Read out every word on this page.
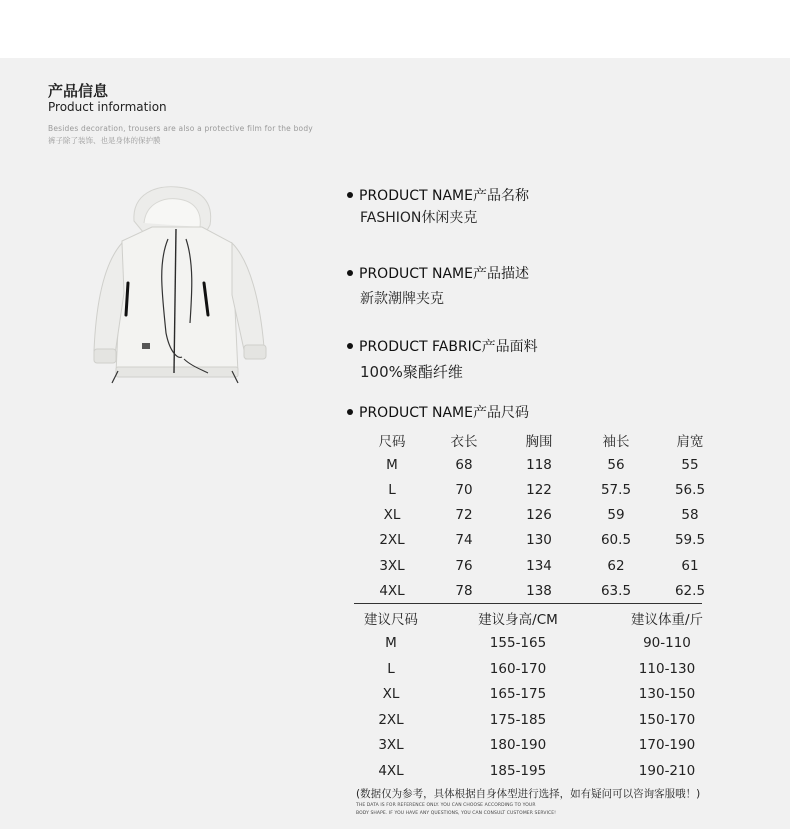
产品信息
Product information
Besides decoration, trousers are also a protective film for the body
裤子除了装饰、也是身体的保护膜
PRODUCT NAME产品名称
FASHION休闲夹克
PRODUCT NAME产品描述
新款潮牌夹克
PRODUCT FABRIC产品面料
100%聚酯纤维
PRODUCT NAME产品尺码
尺码	衣长	胸围	袖长	肩宽
M	68	118	56	55
L	70	122	57.5	56.5
XL	72	126	59	58
2XL	74	130	60.5	59.5
3XL	76	134	62	61
4XL	78	138	63.5	62.5
建议尺码	建议身高/CM	建议体重/斤
M	155-165	90-110
L	160-170	110-130
XL	165-175	130-150
2XL	175-185	150-170
3XL	180-190	170-190
4XL	185-195	190-210
(数据仅为参考，具体根据自身体型进行选择，如有疑问可以咨询客服哦！)
THE DATA IS FOR REFERENCE ONLY. YOU CAN CHOOSE ACCORDING TO YOUR
BODY SHAPE. IF YOU HAVE ANY QUESTIONS, YOU CAN CONSULT CUSTOMER SERVICE!
